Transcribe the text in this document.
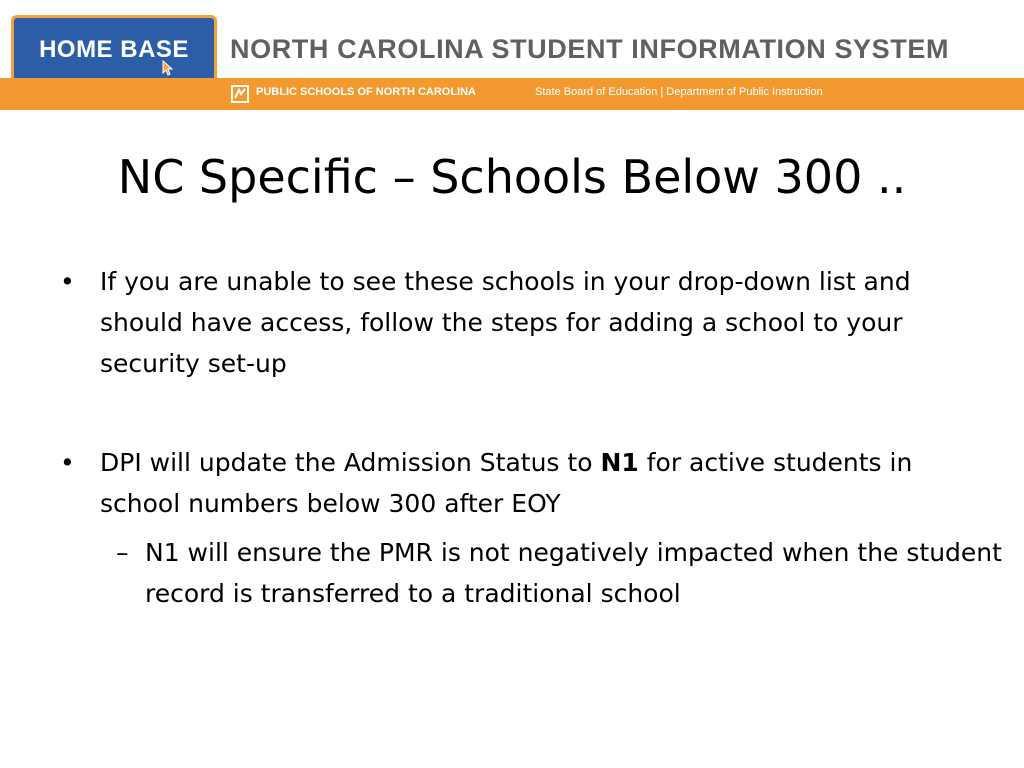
HOME BASE	NORTH CAROLINA STUDENT INFORMATION SYSTEM
PUBLIC SCHOOLS OF NORTH CAROLINA	State Board of Education | Department of Public Instruction
NC Specific – Schools Below 300 ..
• If you are unable to see these schools in your drop-down list and should have access, follow the steps for adding a school to your security set-up
• DPI will update the Admission Status to N1 for active students in school numbers below 300 after EOY
– N1 will ensure the PMR is not negatively impacted when the student record is transferred to a traditional school
